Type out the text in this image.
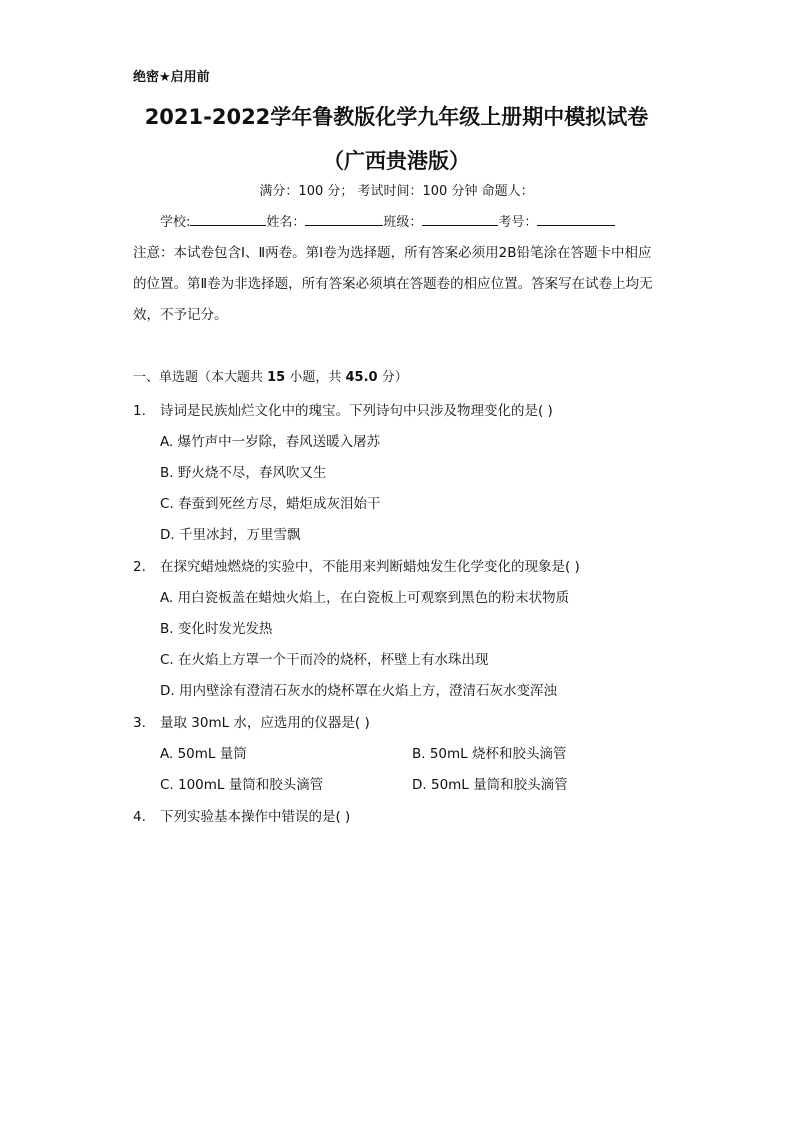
绝密★启用前
2021-2022学年鲁教版化学九年级上册期中模拟试卷（广西贵港版）
满分：100 分； 考试时间：100 分钟 命题人：
学校:	姓名：	班级：	考号：
注意：本试卷包含Ⅰ、Ⅱ两卷。第Ⅰ卷为选择题，所有答案必须用2B铅笔涂在答题卡中相应的位置。第Ⅱ卷为非选择题，所有答案必须填在答题卷的相应位置。答案写在试卷上均无效，不予记分。
一、单选题（本大题共 15 小题，共 45.0 分）
1. 诗词是民族灿烂文化中的瑰宝。下列诗句中只涉及物理变化的是( )
A. 爆竹声中一岁除，春风送暖入屠苏
B. 野火烧不尽，春风吹又生
C. 春蚕到死丝方尽，蜡炬成灰泪始干
D. 千里冰封，万里雪飘
2. 在探究蜡烛燃烧的实验中，不能用来判断蜡烛发生化学变化的现象是( )
A. 用白瓷板盖在蜡烛火焰上，在白瓷板上可观察到黑色的粉末状物质
B. 变化时发光发热
C. 在火焰上方罩一个干而冷的烧杯，杯壁上有水珠出现
D. 用内壁涂有澄清石灰水的烧杯罩在火焰上方，澄清石灰水变浑浊
3. 量取 30mL 水，应选用的仪器是( )
A. 50mL 量筒	B. 50mL 烧杯和胶头滴管
C. 100mL 量筒和胶头滴管	D. 50mL 量筒和胶头滴管
4. 下列实验基本操作中错误的是( )
